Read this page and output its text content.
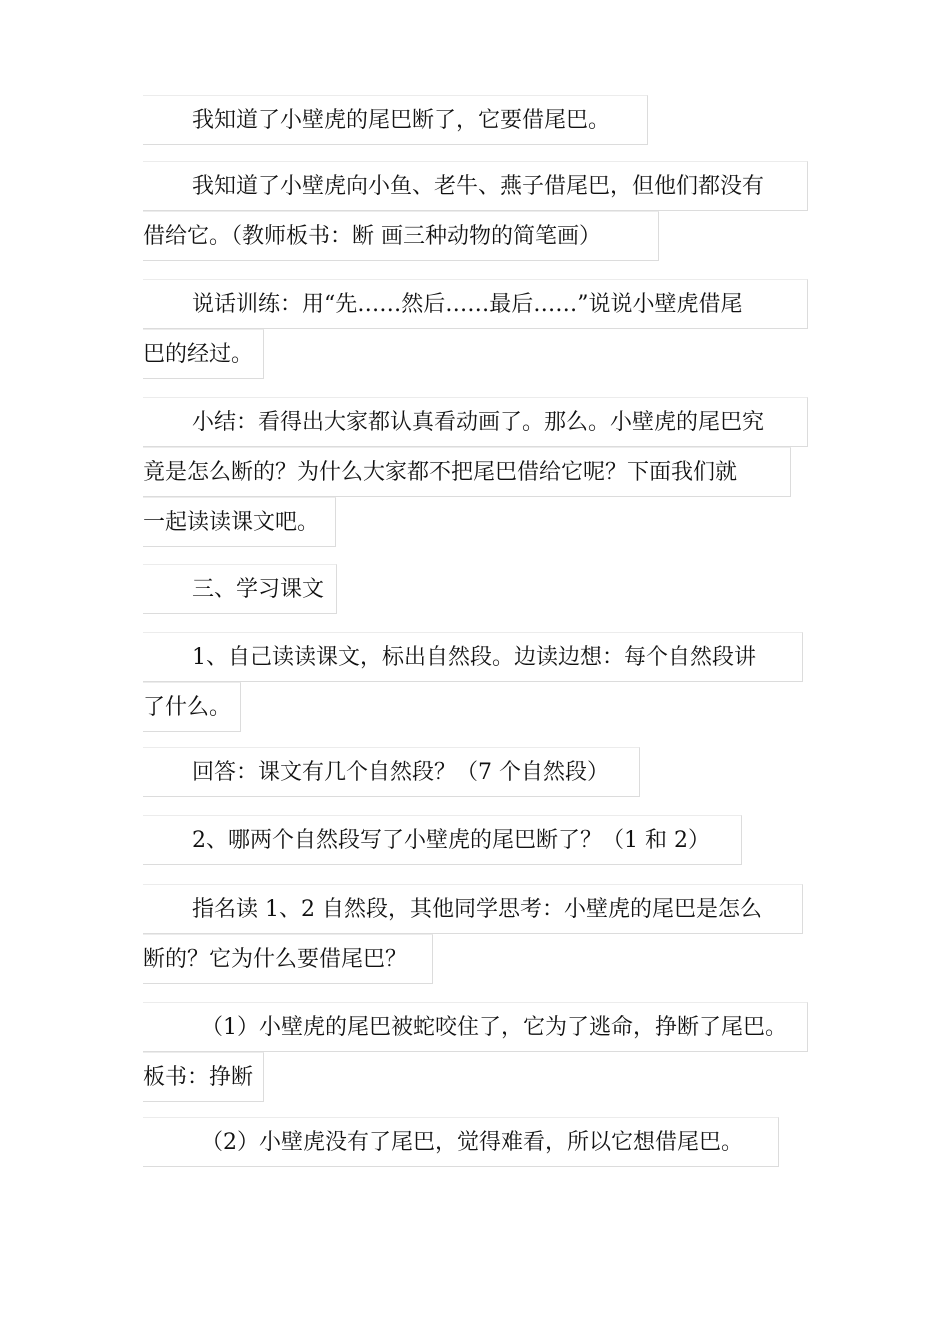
我知道了小壁虎的尾巴断了，它要借尾巴。
我知道了小壁虎向小鱼、老牛、燕子借尾巴，但他们都没有
借给它。（教师板书：断 画三种动物的简笔画）
说话训练：用“先……然后……最后……”说说小壁虎借尾
巴的经过。
小结：看得出大家都认真看动画了。那么。小壁虎的尾巴究
竟是怎么断的？为什么大家都不把尾巴借给它呢？下面我们就
一起读读课文吧。
三、学习课文
1、自己读读课文，标出自然段。边读边想：每个自然段讲
了什么。
回答：课文有几个自然段？（7 个自然段）
2、哪两个自然段写了小壁虎的尾巴断了？（1 和 2）
指名读 1、2 自然段，其他同学思考：小壁虎的尾巴是怎么
断的？它为什么要借尾巴？
（1）小壁虎的尾巴被蛇咬住了，它为了逃命，挣断了尾巴。
板书：挣断
（2）小壁虎没有了尾巴，觉得难看，所以它想借尾巴。
